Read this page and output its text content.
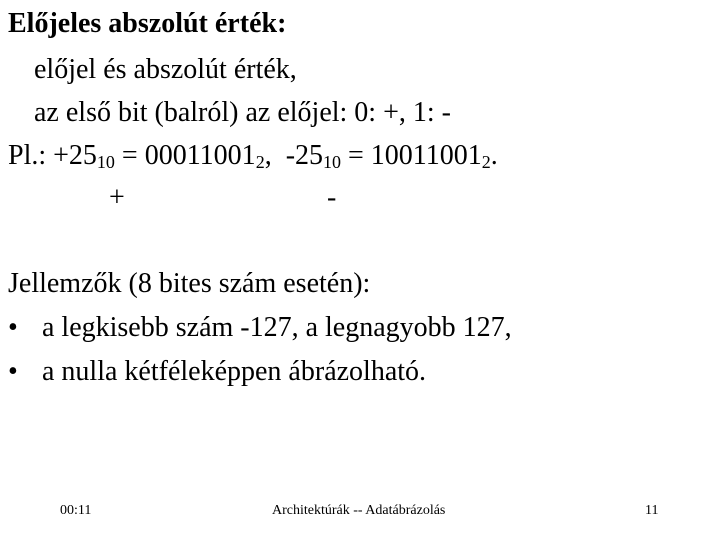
Előjeles abszolút érték:
előjel és abszolút érték,
az első bit (balról) az előjel: 0: +, 1: -
Pl.: $+25_{10} = 00011001_2$,  $-25_{10} = 10011001_2$.
+	-
Jellemzők (8 bites szám esetén):
• a legkisebb szám -127, a legnagyobb 127,
• a nulla kétféleképpen ábrázolható.
00:11	Architektúrák -- Adatábrázolás	11
